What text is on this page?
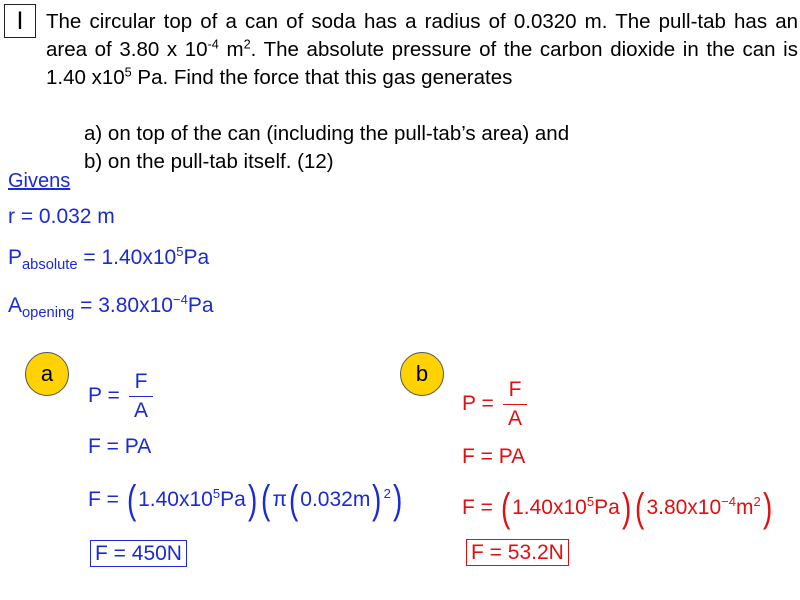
I	The circular top of a can of soda has a radius of 0.0320 m. The pull-tab has an area of 3.80 x $10^{-4}$ $m^2$. The absolute pressure of the carbon dioxide in the can is 1.40 $x10^5$ Pa. Find the force that this gas generates

a) on top of the can (including the pull-tab’s area) and
b) on the pull-tab itself. (12)
Givens
r = 0.032 m
$P_{absolute} = 1.40x10^5Pa$
$A_{opening} = 3.80x10^{-4}Pa$
a
$P = \frac{F}{A}$
F = PA
$F = (1.40x10^5Pa)(\pi(0.032m)$ $^2$)
F = 450N
b
$P = \frac{F}{A}$
F = PA
$F = (1.40x10^5Pa)(3.80x10^{-4}m^2)$
F = 53.2N
